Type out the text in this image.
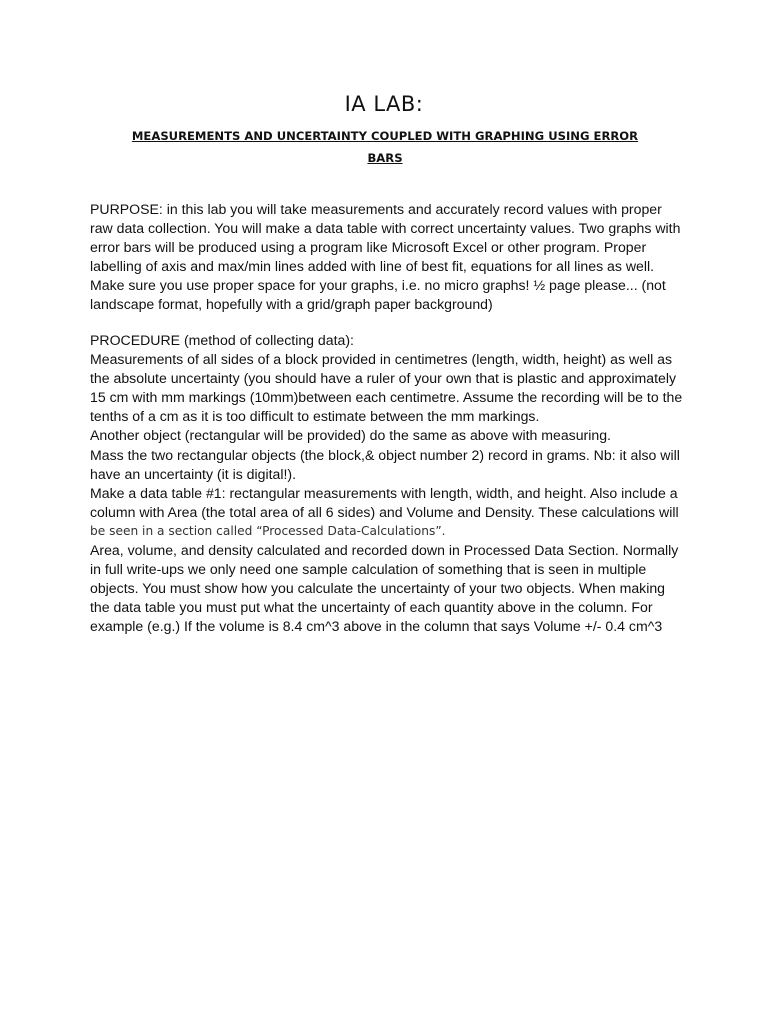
IA LAB:
MEASUREMENTS AND UNCERTAINTY COUPLED WITH GRAPHING USING ERROR
BARS
PURPOSE: in this lab you will take measurements and accurately record values with proper
raw data collection. You will make a data table with correct uncertainty values. Two graphs with
error bars will be produced using a program like Microsoft Excel or other program. Proper
labelling of axis and max/min lines added with line of best fit, equations for all lines as well.
Make sure you use proper space for your graphs, i.e. no micro graphs! ½ page please... (not
landscape format, hopefully with a grid/graph paper background)
PROCEDURE (method of collecting data):
Measurements of all sides of a block provided in centimetres (length, width, height) as well as
the absolute uncertainty (you should have a ruler of your own that is plastic and approximately
15 cm with mm markings (10mm)between each centimetre. Assume the recording will be to the
tenths of a cm as it is too difficult to estimate between the mm markings.
Another object (rectangular will be provided) do the same as above with measuring.
Mass the two rectangular objects (the block,& object number 2) record in grams. Nb: it also will
have an uncertainty (it is digital!).
Make a data table #1: rectangular measurements with length, width, and height. Also include a
column with Area (the total area of all 6 sides) and Volume and Density. These calculations will
be seen in a section called “Processed Data-Calculations”.
Area, volume, and density calculated and recorded down in Processed Data Section. Normally
in full write-ups we only need one sample calculation of something that is seen in multiple
objects. You must show how you calculate the uncertainty of your two objects. When making
the data table you must put what the uncertainty of each quantity above in the column. For
example (e.g.) If the volume is 8.4 cm^3 above in the column that says Volume +/- 0.4 cm^3
